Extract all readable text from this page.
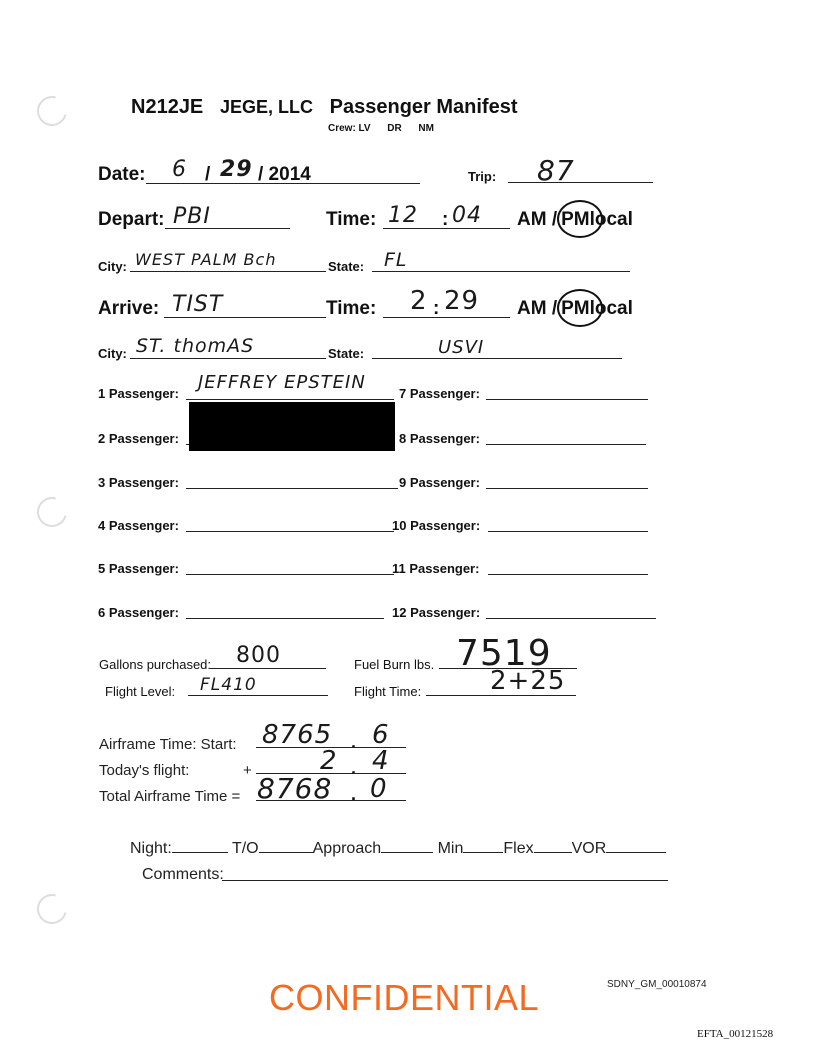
N212JE JEGE, LLC Passenger Manifest
Crew: LV DR NM
Date: 6 / 29 / 2014	Trip: 87
Depart: PBI	Time: 12 : 04 AM / PMlocal
City: WEST PALM Bch	State: FL
Arrive: TIST	Time: 2 : 29 AM / PMlocal
City: ST. thomAS	State:	USVI
1 Passenger:
JEFFREY EPSTEIN
2 Passenger:
3 Passenger:
4 Passenger:
5 Passenger:
6 Passenger:
7 Passenger:
8 Passenger:
9 Passenger:
10 Passenger:
11 Passenger:
12 Passenger:
Gallons purchased: 800	Fuel Burn lbs. 7519
Flight Level: FL410	Flight Time:	2+25
Airframe Time: Start: 8765 . 6
Today's flight:	+	2 . 4
Total Airframe Time = 8768 . 0
Night:	T/O	Approach	Min	Flex VOR
Comments:
CONFIDENTIAL	SDNY_GM_00010874
EFTA_00121528
